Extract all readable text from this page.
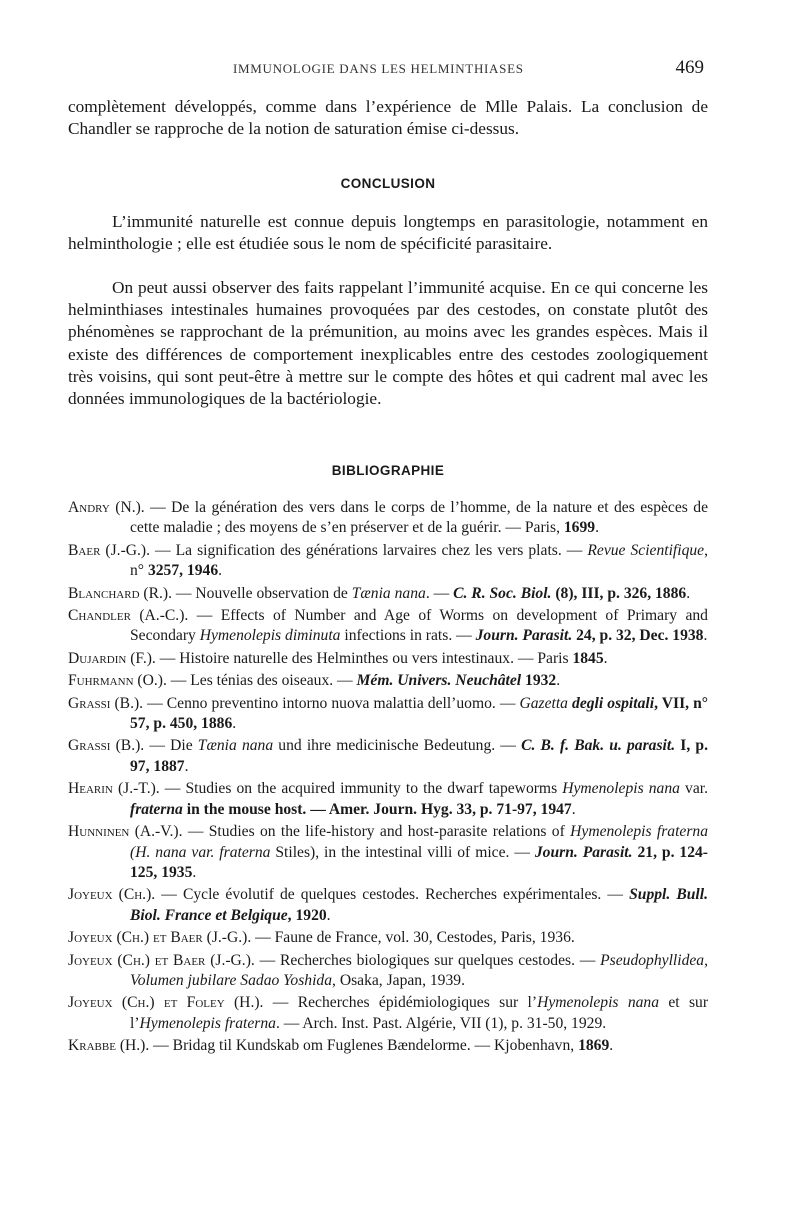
IMMUNOLOGIE DANS LES HELMINTHIASES	469

complètement développés, comme dans l’expérience de Mlle Palais. La conclusion de Chandler se rapproche de la notion de saturation émise ci-dessus.

CONCLUSION

L’immunité naturelle est connue depuis longtemps en parasitologie, notamment en helminthologie ; elle est étudiée sous le nom de spécificité parasitaire.

On peut aussi observer des faits rappelant l’immunité acquise. En ce qui concerne les helminthiases intestinales humaines provoquées par des cestodes, on constate plutôt des phénomènes se rapprochant de la prémunition, au moins avec les grandes espèces. Mais il existe des différences de comportement inexplicables entre des cestodes zoologiquement très voisins, qui sont peut-être à mettre sur le compte des hôtes et qui cadrent mal avec les données immunologiques de la bactériologie.

BIBLIOGRAPHIE

Andry (N.). — De la génération des vers dans le corps de l’homme, de la nature et des espèces de cette maladie ; des moyens de s’en préserver et de la guérir. — Paris, 1699.

Baer (J.-G.). — La signification des générations larvaires chez les vers plats. — Revue Scientifique, n° 3257, 1946.

Blanchard (R.). — Nouvelle observation de Tænia nana. — C. R. Soc. Biol. (8), III, p. 326, 1886.

Chandler (A.-C.). — Effects of Number and Age of Worms on development of Primary and Secondary Hymenolepis diminuta infections in rats. — Journ. Parasit. 24, p. 32, Dec. 1938.

Dujardin (F.). — Histoire naturelle des Helminthes ou vers intestinaux. — Paris 1845.

Fuhrmann (O.). — Les ténias des oiseaux. — Mém. Univers. Neuchâtel 1932.

Grassi (B.). — Cenno preventino intorno nuova malattia dell’uomo. — Gazetta degli ospitali, VII, n° 57, p. 450, 1886.

Grassi (B.). — Die Tænia nana und ihre medicinische Bedeutung. — C. B. f. Bak. u. parasit. I, p. 97, 1887.

Hearin (J.-T.). — Studies on the acquired immunity to the dwarf tapeworms Hymenolepis nana var. fraterna in the mouse host. — Amer. Journ. Hyg. 33, p. 71-97, 1947.

Hunninen (A.-V.). — Studies on the life-history and host-parasite relations of Hymenolepis fraterna (H. nana var. fraterna Stiles), in the intestinal villi of mice. — Journ. Parasit. 21, p. 124-125, 1935.

Joyeux (Ch.). — Cycle évolutif de quelques cestodes. Recherches expérimentales. — Suppl. Bull. Biol. France et Belgique, 1920.

Joyeux (Ch.) et Baer (J.-G.). — Faune de France, vol. 30, Cestodes, Paris, 1936.

Joyeux (Ch.) et Baer (J.-G.). — Recherches biologiques sur quelques cestodes. — Pseudophyllidea, Volumen jubilare Sadao Yoshida, Osaka, Japan, 1939.

Joyeux (Ch.) et Foley (H.). — Recherches épidémiologiques sur l’Hymenolepis nana et sur l’Hymenolepis fraterna. — Arch. Inst. Past. Algérie, VII (1), p. 31-50, 1929.

Krabbe (H.). — Bridag til Kundskab om Fuglenes Bændelorme. — Kjobenhavn, 1869.
